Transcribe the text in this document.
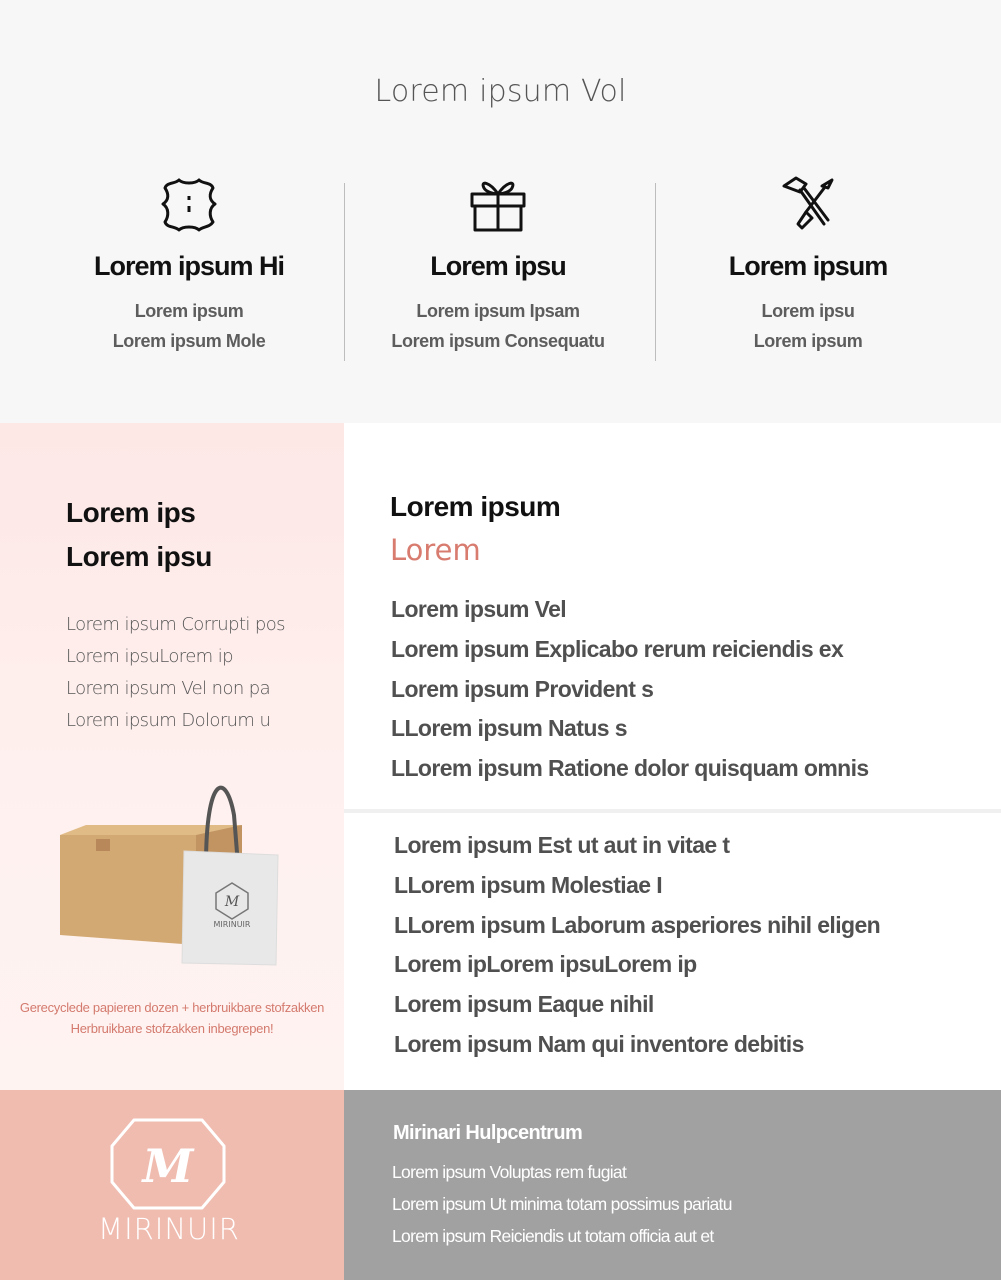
Lorem ipsum Vol
Lorem ipsum Hi
Lorem ipsum
Lorem ipsum Mole
Lorem ipsu
Lorem ipsum Ipsam
Lorem ipsum Consequatu
Lorem ipsum
Lorem ipsu
Lorem ipsum
Lorem ips
Lorem ipsu
Lorem ipsum Corrupti pos
Lorem ipsuLorem ip
Lorem ipsum Vel non pa
Lorem ipsum Dolorum u
M
MIRINUIR
Gerecyclede papieren dozen + herbruikbare stofzakken
Herbruikbare stofzakken inbegrepen!
Lorem ipsum
Lorem
Lorem ipsum Vel
Lorem ipsum Explicabo rerum reiciendis ex
Lorem ipsum Provident s
LLorem ipsum Natus s
LLorem ipsum Ratione dolor quisquam omnis
Lorem ipsum Est ut aut in vitae t
LLorem ipsum Molestiae I
LLorem ipsum Laborum asperiores nihil eligen
Lorem ipLorem ipsuLorem ip
Lorem ipsum Eaque nihil
Lorem ipsum Nam qui inventore debitis
M
MIRINUIR
Mirinari Hulpcentrum
Lorem ipsum Voluptas rem fugiat
Lorem ipsum Ut minima totam possimus pariatu
Lorem ipsum Reiciendis ut totam officia aut et
